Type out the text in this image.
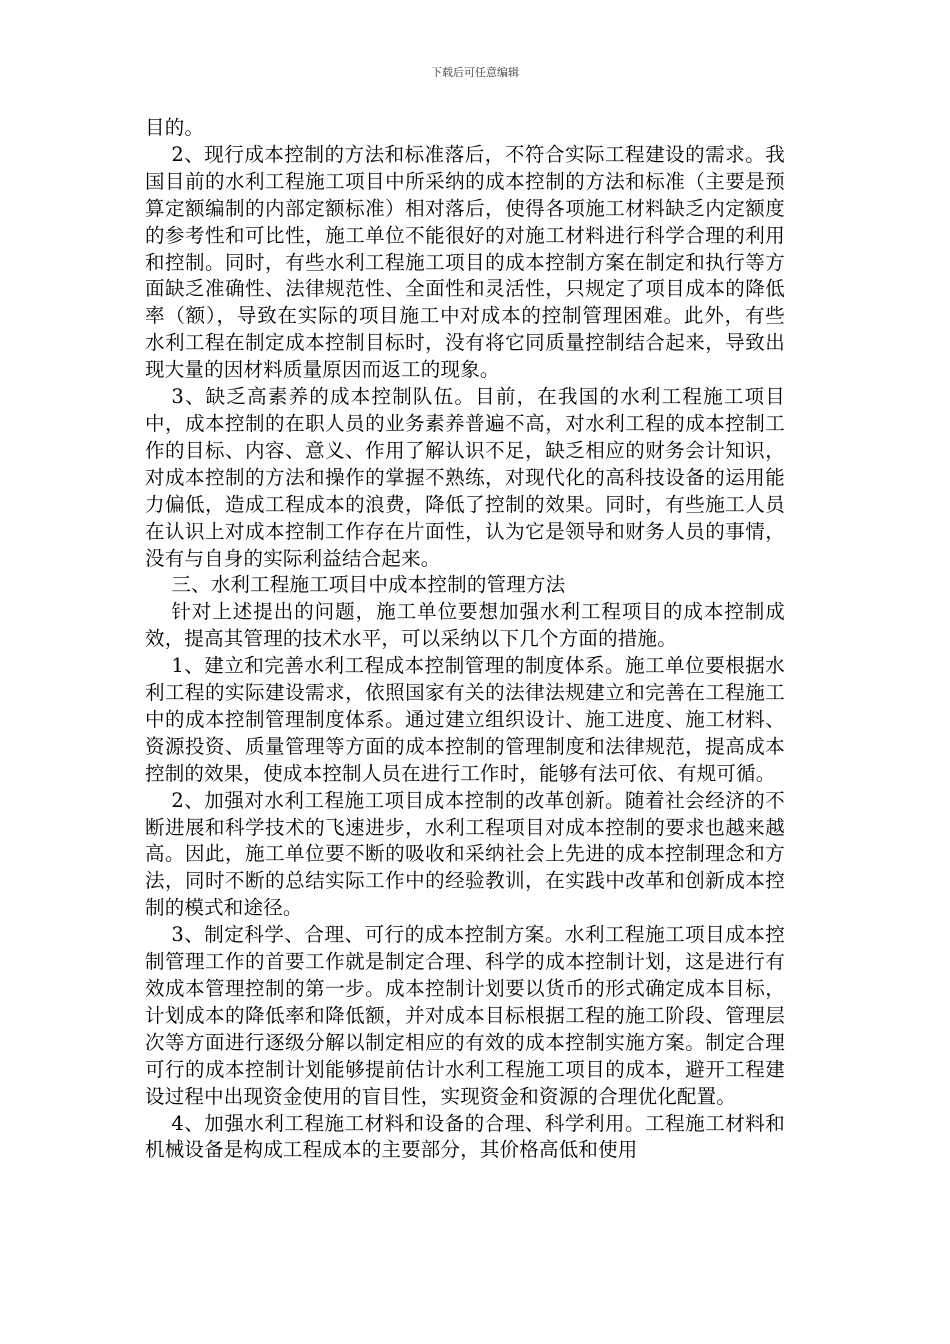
下载后可任意编辑

目的。

2、现行成本控制的方法和标准落后，不符合实际工程建设的需求。我国目前的水利工程施工项目中所采纳的成本控制的方法和标准（主要是预算定额编制的内部定额标准）相对落后，使得各项施工材料缺乏内定额度的参考性和可比性，施工单位不能很好的对施工材料进行科学合理的利用和控制。同时，有些水利工程施工项目的成本控制方案在制定和执行等方面缺乏准确性、法律规范性、全面性和灵活性，只规定了项目成本的降低率（额），导致在实际的项目施工中对成本的控制管理困难。此外，有些水利工程在制定成本控制目标时，没有将它同质量控制结合起来，导致出现大量的因材料质量原因而返工的现象。

3、缺乏高素养的成本控制队伍。目前，在我国的水利工程施工项目中，成本控制的在职人员的业务素养普遍不高，对水利工程的成本控制工作的目标、内容、意义、作用了解认识不足，缺乏相应的财务会计知识，对成本控制的方法和操作的掌握不熟练，对现代化的高科技设备的运用能力偏低，造成工程成本的浪费，降低了控制的效果。同时，有些施工人员在认识上对成本控制工作存在片面性，认为它是领导和财务人员的事情，没有与自身的实际利益结合起来。

三、水利工程施工项目中成本控制的管理方法

针对上述提出的问题，施工单位要想加强水利工程项目的成本控制成效，提高其管理的技术水平，可以采纳以下几个方面的措施。

1、建立和完善水利工程成本控制管理的制度体系。施工单位要根据水利工程的实际建设需求，依照国家有关的法律法规建立和完善在工程施工中的成本控制管理制度体系。通过建立组织设计、施工进度、施工材料、资源投资、质量管理等方面的成本控制的管理制度和法律规范，提高成本控制的效果，使成本控制人员在进行工作时，能够有法可依、有规可循。

2、加强对水利工程施工项目成本控制的改革创新。随着社会经济的不断进展和科学技术的飞速进步，水利工程项目对成本控制的要求也越来越高。因此，施工单位要不断的吸收和采纳社会上先进的成本控制理念和方法，同时不断的总结实际工作中的经验教训，在实践中改革和创新成本控制的模式和途径。

3、制定科学、合理、可行的成本控制方案。水利工程施工项目成本控制管理工作的首要工作就是制定合理、科学的成本控制计划，这是进行有效成本管理控制的第一步。成本控制计划要以货币的形式确定成本目标，计划成本的降低率和降低额，并对成本目标根据工程的施工阶段、管理层次等方面进行逐级分解以制定相应的有效的成本控制实施方案。制定合理可行的成本控制计划能够提前估计水利工程施工项目的成本，避开工程建设过程中出现资金使用的盲目性，实现资金和资源的合理优化配置。

4、加强水利工程施工材料和设备的合理、科学利用。工程施工材料和机械设备是构成工程成本的主要部分，其价格高低和使用
